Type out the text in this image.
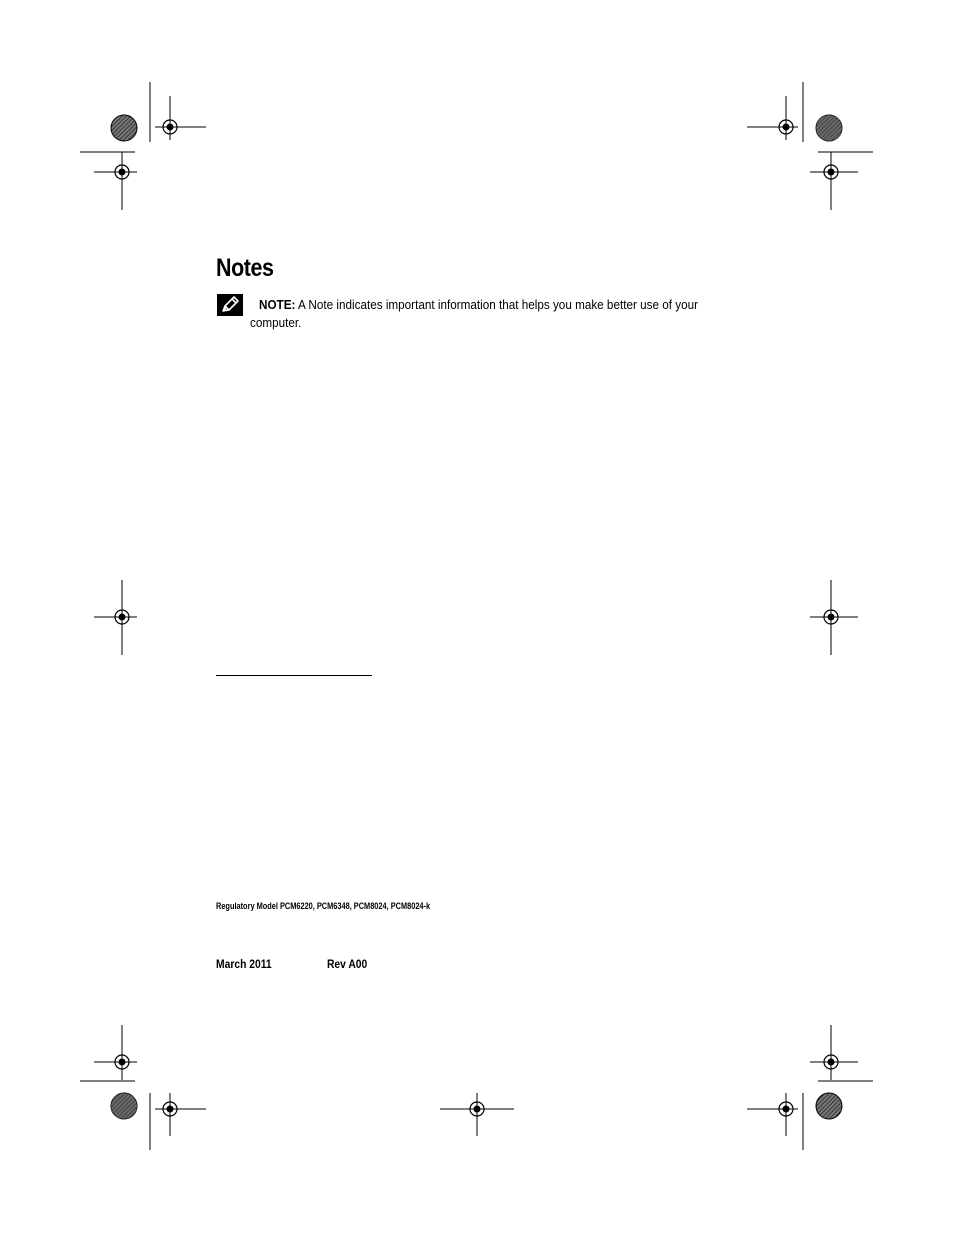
Notes
NOTE: A Note indicates important information that helps you make better use of your computer.
Regulatory Model PCM6220, PCM6348, PCM8024, PCM8024-k
March 2011	Rev A00
